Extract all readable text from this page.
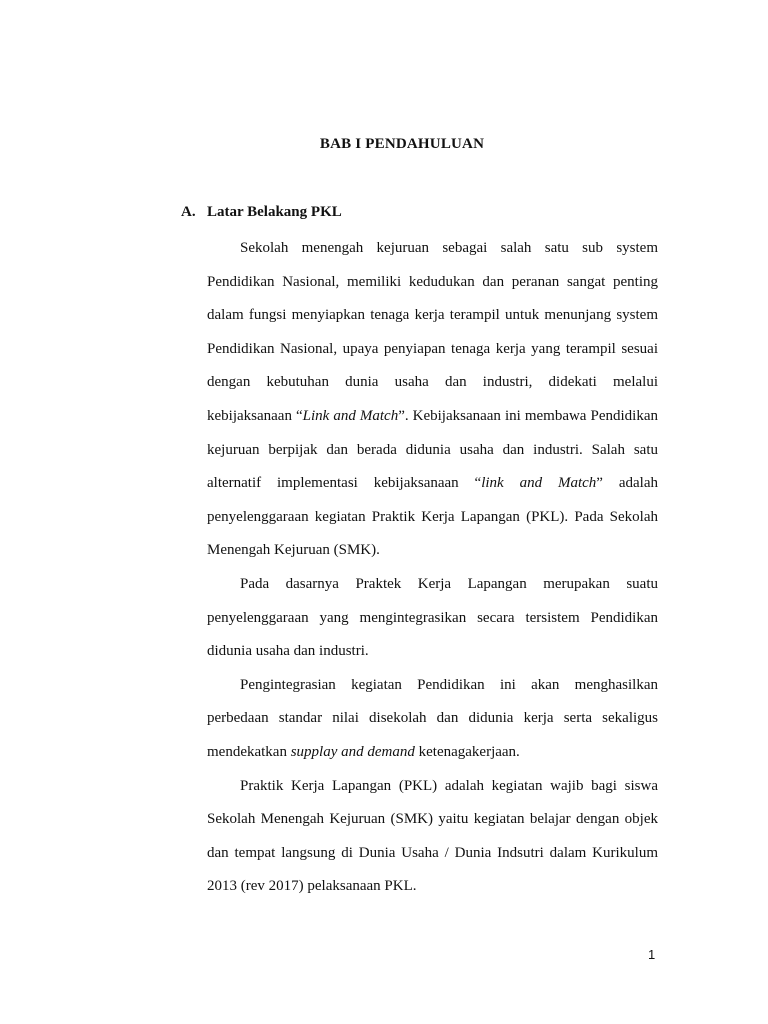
BAB I PENDAHULUAN
A. Latar Belakang PKL

Sekolah menengah kejuruan sebagai salah satu sub system Pendidikan Nasional, memiliki kedudukan dan peranan sangat penting dalam fungsi menyiapkan tenaga kerja terampil untuk menunjang system Pendidikan Nasional, upaya penyiapan tenaga kerja yang terampil sesuai dengan kebutuhan dunia usaha dan industri, didekati melalui kebijaksanaan “Link and Match”. Kebijaksanaan ini membawa Pendidikan kejuruan berpijak dan berada didunia usaha dan industri. Salah satu alternatif implementasi kebijaksanaan “link and Match” adalah penyelenggaraan kegiatan Praktik Kerja Lapangan (PKL). Pada Sekolah Menengah Kejuruan (SMK).

Pada dasarnya Praktek Kerja Lapangan merupakan suatu penyelenggaraan yang mengintegrasikan secara tersistem Pendidikan didunia usaha dan industri.

Pengintegrasian kegiatan Pendidikan ini akan menghasilkan perbedaan standar nilai disekolah dan didunia kerja serta sekaligus mendekatkan supplay and demand ketenagakerjaan.

Praktik Kerja Lapangan (PKL) adalah kegiatan wajib bagi siswa Sekolah Menengah Kejuruan (SMK) yaitu kegiatan belajar dengan objek dan tempat langsung di Dunia Usaha / Dunia Indsutri dalam Kurikulum 2013 (rev 2017) pelaksanaan PKL.

1
